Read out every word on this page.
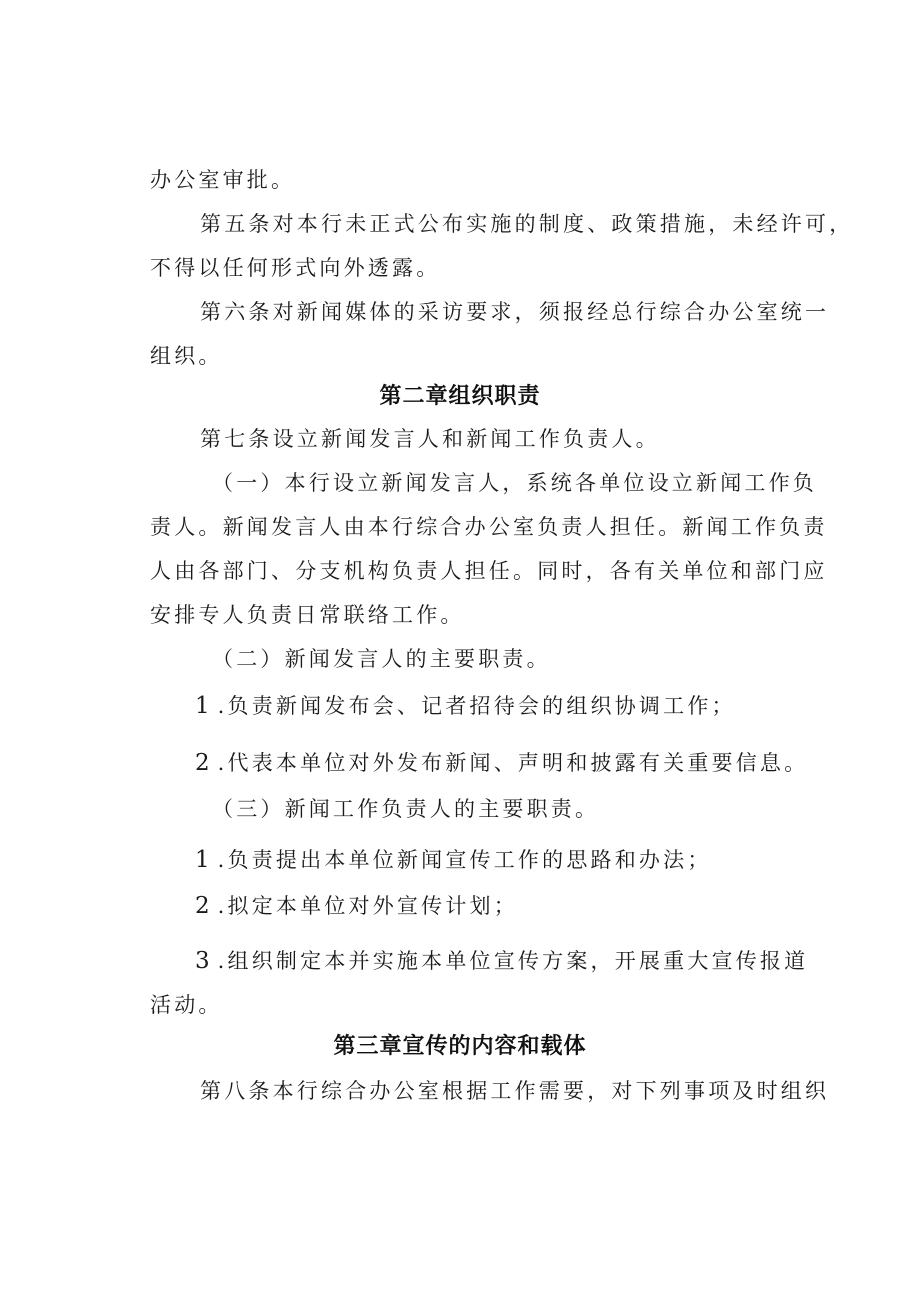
办公室审批。
第五条对本行未正式公布实施的制度、政策措施，未经许可，
不得以任何形式向外透露。
第六条对新闻媒体的采访要求，须报经总行综合办公室统一
组织。
第二章组织职责
第七条设立新闻发言人和新闻工作负责人。
（一）本行设立新闻发言人，系统各单位设立新闻工作负
责人。新闻发言人由本行综合办公室负责人担任。新闻工作负责
人由各部门、分支机构负责人担任。同时，各有关单位和部门应
安排专人负责日常联络工作。
（二）新闻发言人的主要职责。
1.负责新闻发布会、记者招待会的组织协调工作；
2.代表本单位对外发布新闻、声明和披露有关重要信息。
（三）新闻工作负责人的主要职责。
1.负责提出本单位新闻宣传工作的思路和办法；
2.拟定本单位对外宣传计划；
3.组织制定本并实施本单位宣传方案，开展重大宣传报道
活动。
第三章宣传的内容和载体
第八条本行综合办公室根据工作需要，对下列事项及时组织
